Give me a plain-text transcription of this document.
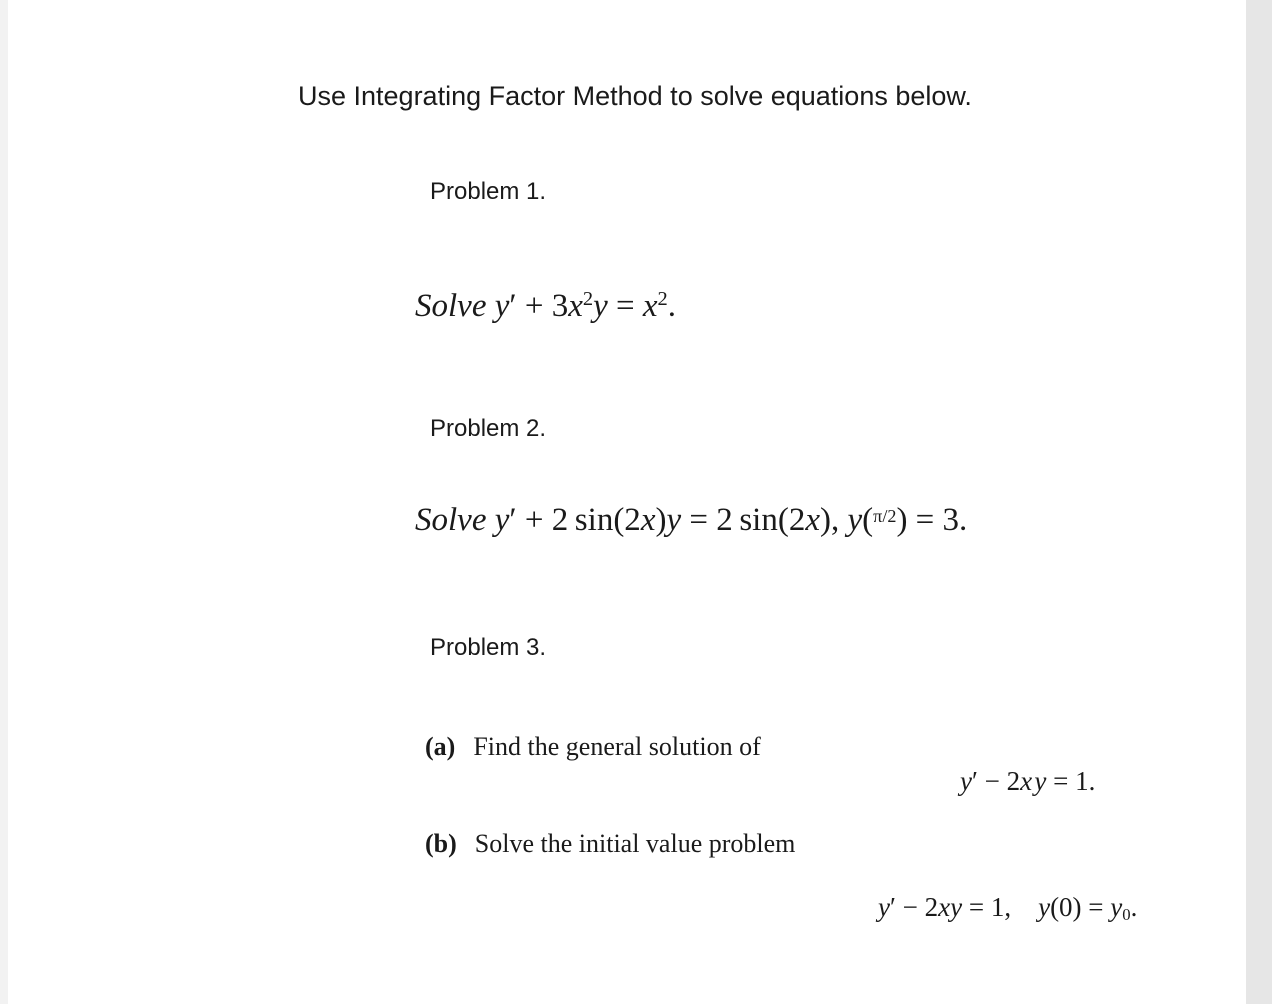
Use Integrating Factor Method to solve equations below.
Problem 1.
Solve $y' + 3x^2y = x^2$.
Problem 2.
Solve y′ + 2 sin(2x)y = 2 sin(2x), y($^{\pi/2}$) = 3.
Problem 3.
(a) Find the general solution of
y′ − 2x y = 1.
(b) Solve the initial value problem
y′ − 2xy = 1, $y(0) = y_0$.
